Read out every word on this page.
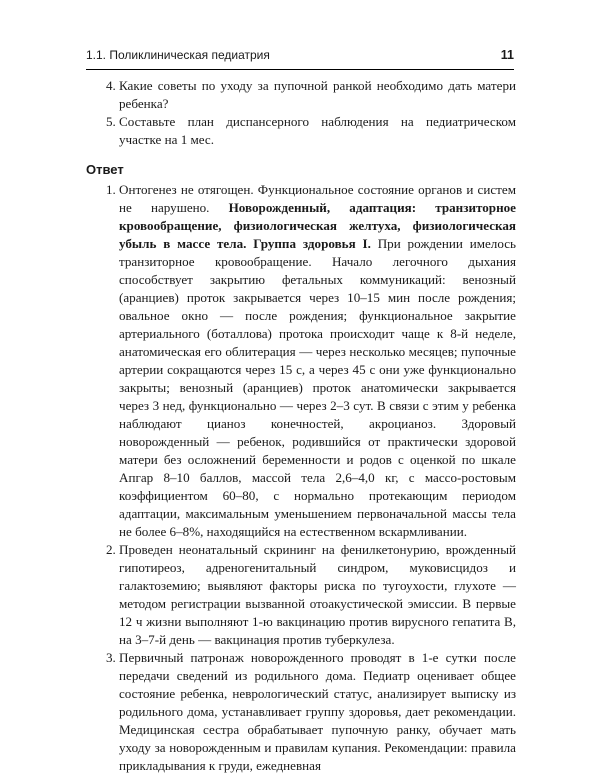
1.1. Поликлиническая педиатрия	11
4. Какие советы по уходу за пупочной ранкой необходимо дать матери ребенка?
5. Составьте план диспансерного наблюдения на педиатрическом участке на 1 мес.
Ответ
1. Онтогенез не отягощен. Функциональное состояние органов и систем не нарушено. Новорожденный, адаптация: транзиторное кровообращение, физиологическая желтуха, физиологическая убыль в массе тела. Группа здоровья I. При рождении имелось транзиторное кровообращение. Начало легочного дыхания способствует закрытию фетальных коммуникаций: венозный (аранциев) проток закрывается через 10–15 мин после рождения; овальное окно — после рождения; функциональное закрытие артериального (боталлова) протока происходит чаще к 8-й неделе, анатомическая его облитерация — через несколько месяцев; пупочные артерии сокращаются через 15 с, а через 45 с они уже функционально закрыты; венозный (аранциев) проток анатомически закрывается через 3 нед, функционально — через 2–3 сут. В связи с этим у ребенка наблюдают цианоз конечностей, акроцианоз. Здоровый новорожденный — ребенок, родившийся от практически здоровой матери без осложнений беременности и родов с оценкой по шкале Апгар 8–10 баллов, массой тела 2,6–4,0 кг, с массо-ростовым коэффициентом 60–80, с нормально протекающим периодом адаптации, максимальным уменьшением первоначальной массы тела не более 6–8%, находящийся на естественном вскармливании.
2. Проведен неонатальный скрининг на фенилкетонурию, врожденный гипотиреоз, адреногенитальный синдром, муковисцидоз и галактоземию; выявляют факторы риска по тугоухости, глухоте — методом регистрации вызванной отоакустической эмиссии. В первые 12 ч жизни выполняют 1-ю вакцинацию против вирусного гепатита В, на 3–7-й день — вакцинация против туберкулеза.
3. Первичный патронаж новорожденного проводят в 1-е сутки после передачи сведений из родильного дома. Педиатр оценивает общее состояние ребенка, неврологический статус, анализирует выписку из родильного дома, устанавливает группу здоровья, дает рекомендации. Медицинская сестра обрабатывает пупочную ранку, обучает мать уходу за новорожденным и правилам купания. Рекомендации: правила прикладывания к груди, ежедневная
